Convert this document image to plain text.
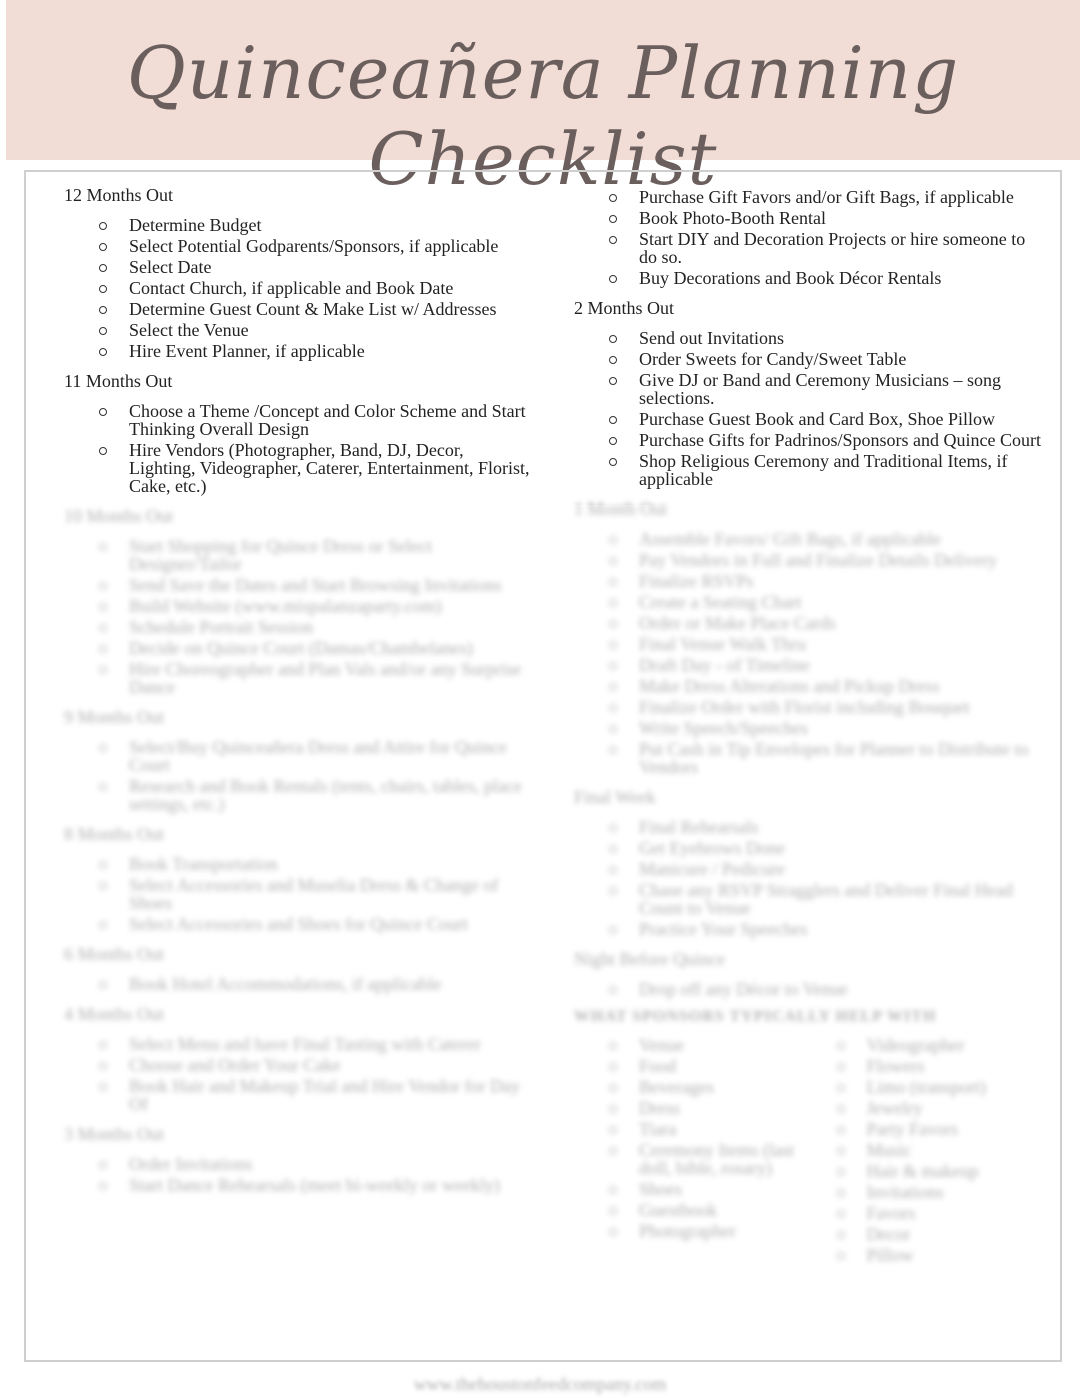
Quinceañera Planning Checklist
12 Months Out
Determine Budget
Select Potential Godparents/Sponsors, if applicable
Select Date
Contact Church, if applicable and Book Date
Determine Guest Count & Make List w/ Addresses
Select the Venue
Hire Event Planner, if applicable
11 Months Out
Choose a Theme /Concept and Color Scheme and Start Thinking Overall Design
Hire Vendors (Photographer, Band, DJ, Decor, Lighting, Videographer, Caterer, Entertainment, Florist, Cake, etc.)
10 Months Out
Start Shopping for Quince Dress or Select Designer/Tailor
Send Save the Dates and Start Browsing Invitations
Build Website (www.mispalanzaparty.com)
Schedule Portrait Session
Decide on Quince Court (Damas/Chambelanes)
Hire Choreographer and Plan Vals and/or any Surprise Dance
9 Months Out
Select/Buy Quinceañera Dress and Attire for Quince Court
Research and Book Rentals (tents, chairs, tables, place settings, etc.)
8 Months Out
Book Transportation
Select Accessories and Muselia Dress & Change of Shoes
Select Accessories and Shoes for Quince Court
6 Months Out
Book Hotel Accommodations, if applicable
4 Months Out
Select Menu and have Final Tasting with Caterer
Choose and Order Your Cake
Book Hair and Makeup Trial and Hire Vendor for Day Of
3 Months Out
Order Invitations
Start Dance Rehearsals (meet bi-weekly or weekly)
Purchase Gift Favors and/or Gift Bags, if applicable
Book Photo-Booth Rental
Start DIY and Decoration Projects or hire someone to do so.
Buy Decorations and Book Décor Rentals
2 Months Out
Send out Invitations
Order Sweets for Candy/Sweet Table
Give DJ or Band and Ceremony Musicians – song selections.
Purchase Guest Book and Card Box, Shoe Pillow
Purchase Gifts for Padrinos/Sponsors and Quince Court
Shop Religious Ceremony and Traditional Items, if applicable
1 Month Out
Assemble Favors/ Gift Bags, if applicable
Pay Vendors in Full and Finalize Details Delivery
Finalize RSVPs
Create a Seating Chart
Order or Make Place Cards
Final Venue Walk Thru
Draft Day - of Timeline
Make Dress Alterations and Pickup Dress
Finalize Order with Florist including Bouquet
Write Speech/Speeches
Put Cash in Tip Envelopes for Planner to Distribute to Vendors
Final Week
Final Rehearsals
Get Eyebrows Done
Manicure / Pedicure
Chase any RSVP Stragglers and Deliver Final Head Count to Venue
Practice Your Speeches
Night Before Quince
Drop off any Décor to Venue
WHAT SPONSORS TYPICALLY HELP WITH
Venue
Food
Beverages
Dress
Tiara
Ceremony Items (last doll, bible, rosary)
Shoes
Guestbook
Photographer
Videographer
Flowers
Limo (transport)
Jewelry
Party Favors
Music
Hair & makeup
Invitations
Favors
Decor
Pillow
www.thehoustonfeedcompany.com
